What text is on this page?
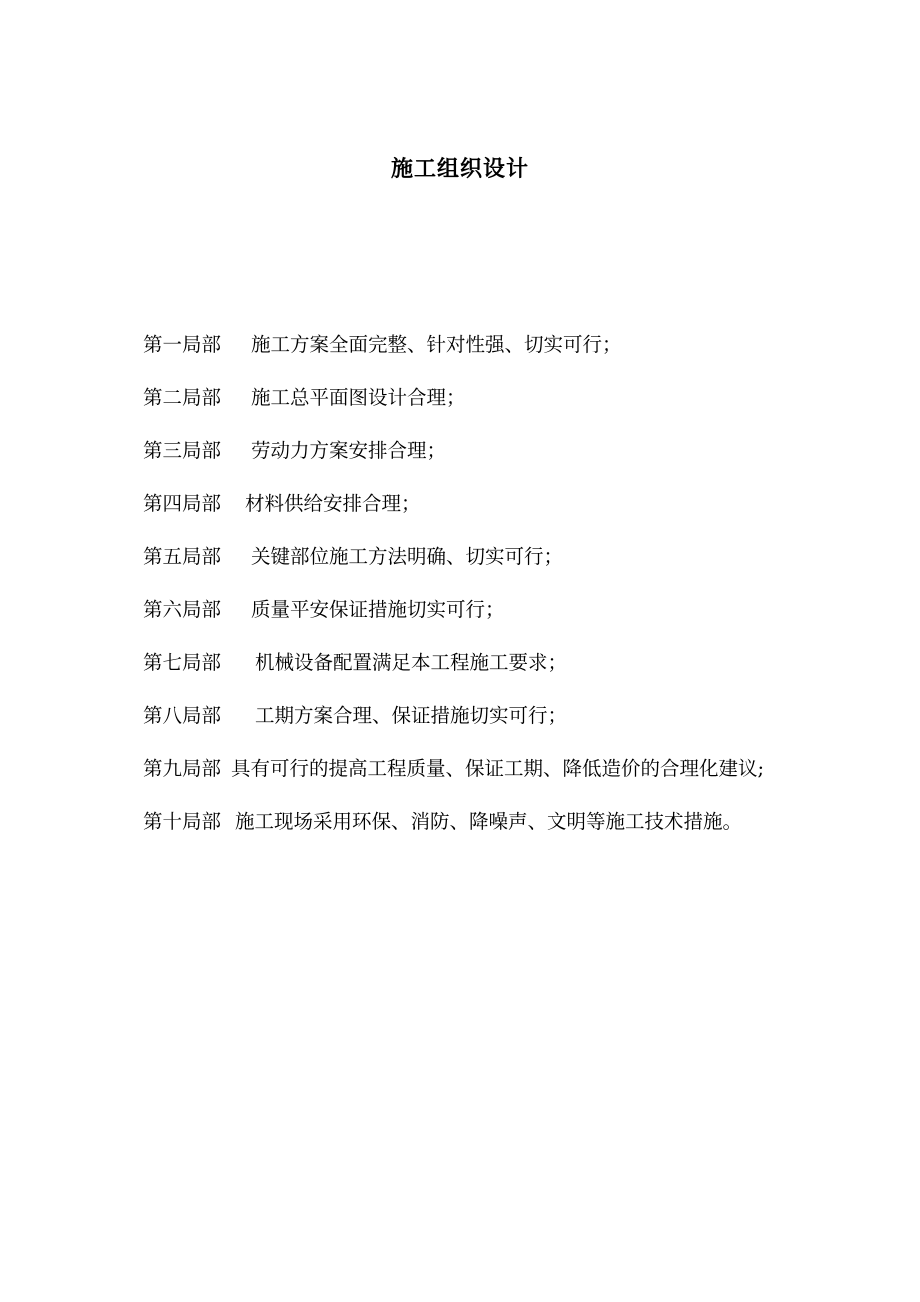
施工组织设计
第一局部 施工方案全面完整、针对性强、切实可行；
第二局部 施工总平面图设计合理；
第三局部 劳动力方案安排合理；
第四局部 材料供给安排合理；
第五局部 关键部位施工方法明确、切实可行；
第六局部 质量平安保证措施切实可行；
第七局部 机械设备配置满足本工程施工要求；
第八局部 工期方案合理、保证措施切实可行；
第九局部 具有可行的提高工程质量、保证工期、降低造价的合理化建议;
第十局部 施工现场采用环保、消防、降噪声、文明等施工技术措施。
